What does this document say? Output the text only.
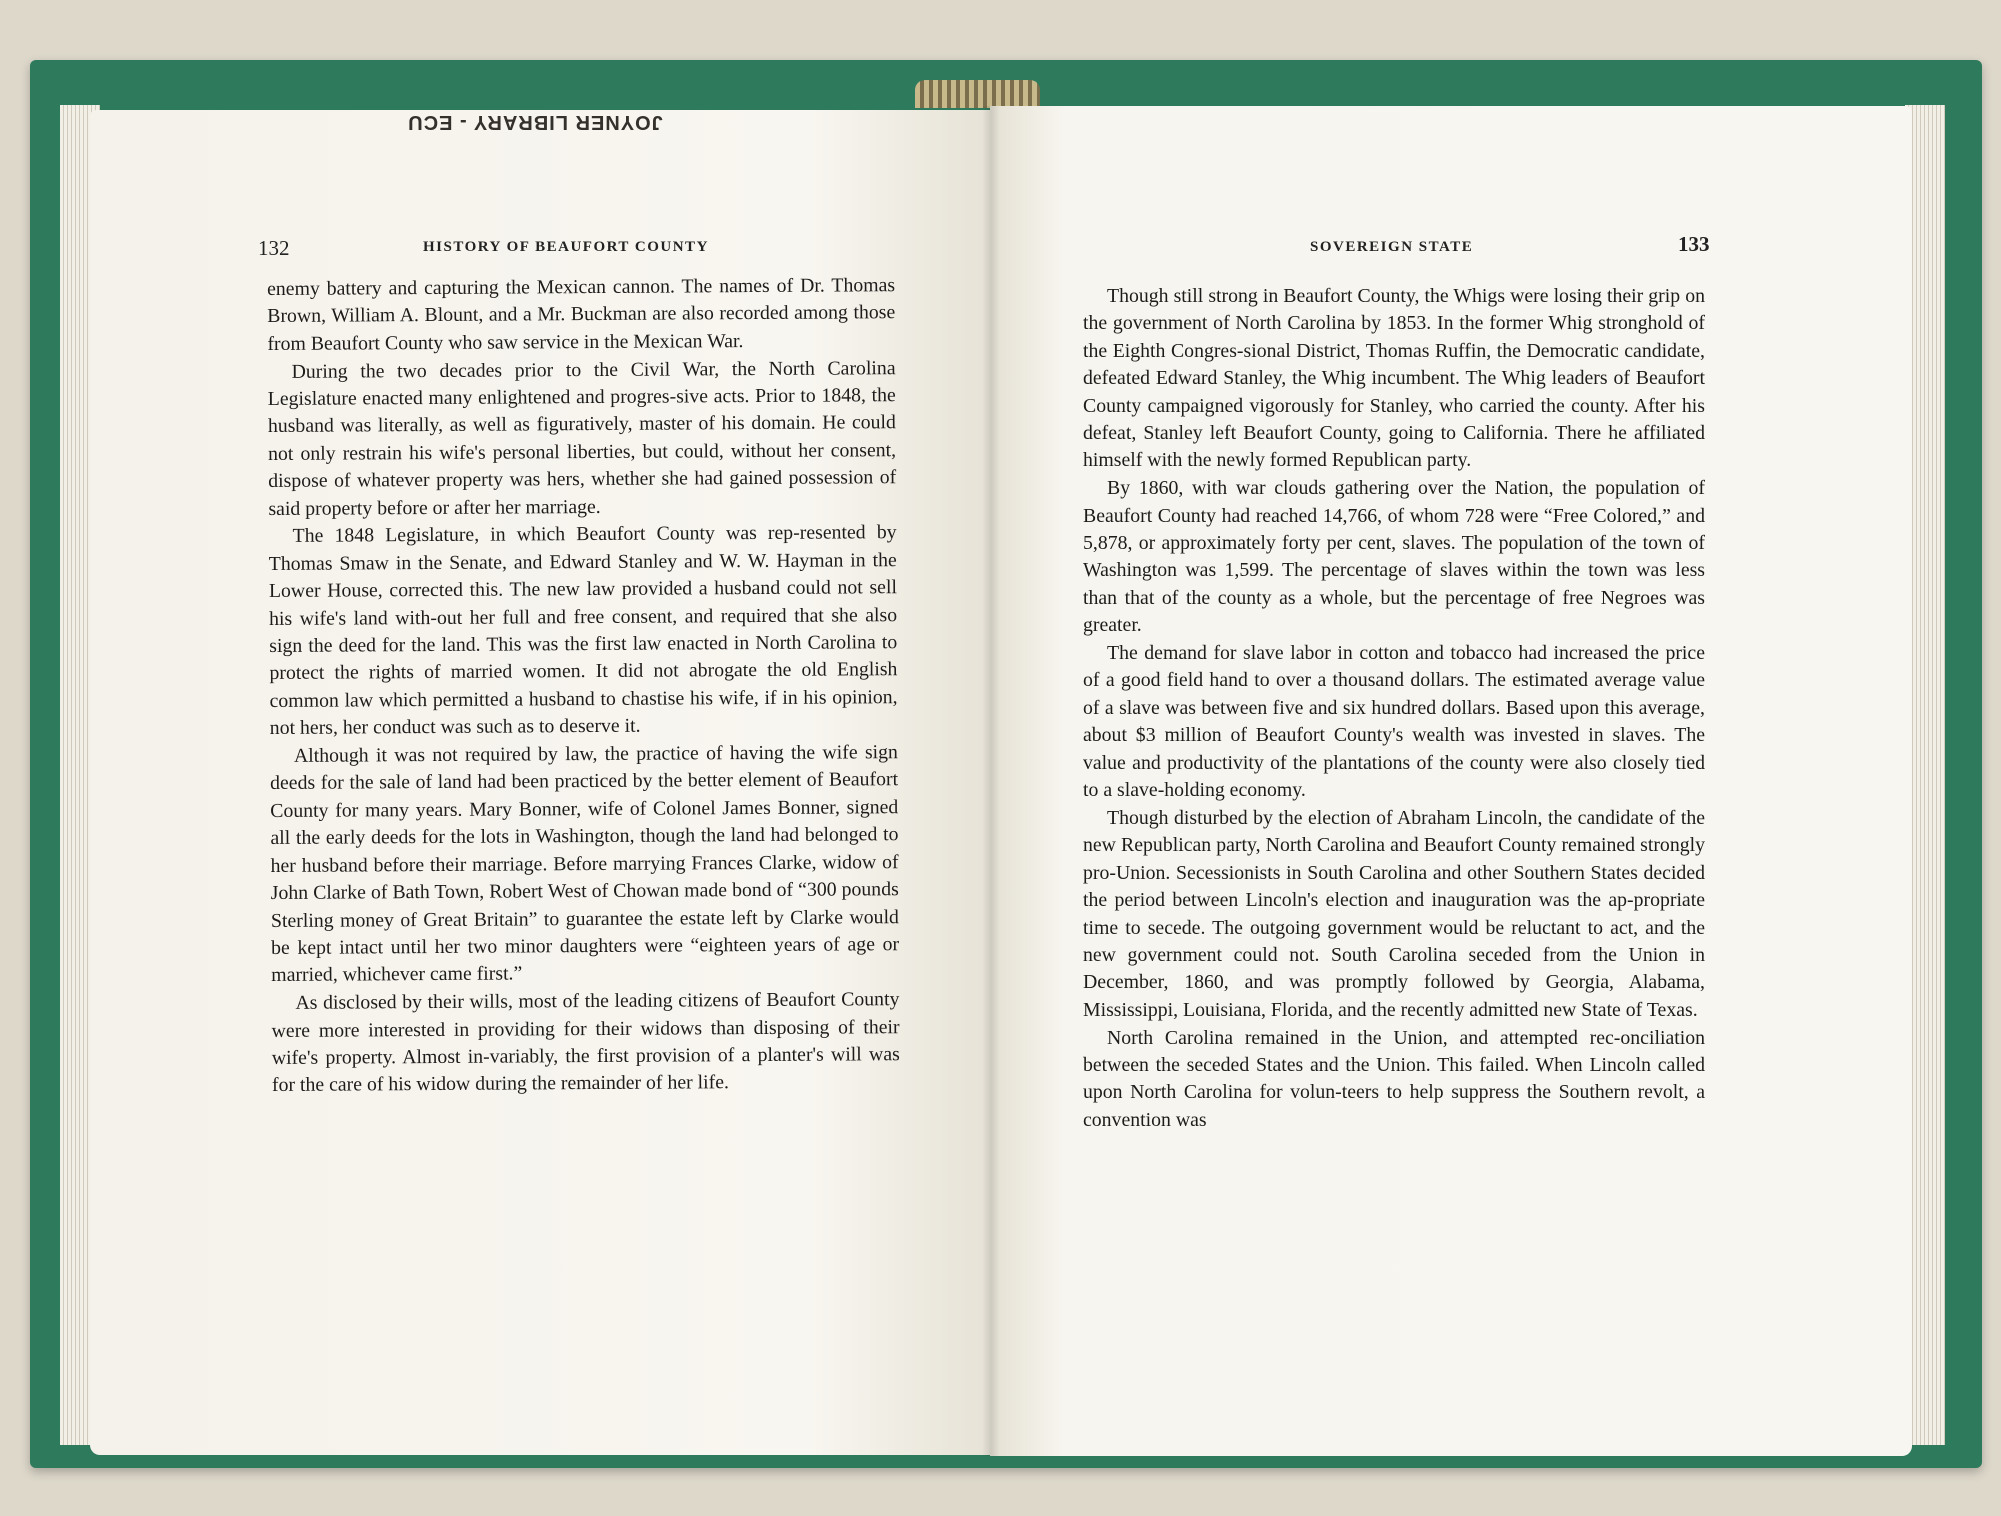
JOYNER LIBRARY - ECU
132	HISTORY OF BEAUFORT COUNTY	SOVEREIGN STATE	133

enemy battery and capturing the Mexican cannon. The names of Dr. Thomas Brown, William A. Blount, and a Mr. Buckman are also recorded among those from Beaufort County who saw service in the Mexican War.

During the two decades prior to the Civil War, the North Carolina Legislature enacted many enlightened and progres-sive acts. Prior to 1848, the husband was literally, as well as figuratively, master of his domain. He could not only restrain his wife's personal liberties, but could, without her consent, dispose of whatever property was hers, whether she had gained possession of said property before or after her marriage.

The 1848 Legislature, in which Beaufort County was rep-resented by Thomas Smaw in the Senate, and Edward Stanley and W. W. Hayman in the Lower House, corrected this. The new law provided a husband could not sell his wife's land with-out her full and free consent, and required that she also sign the deed for the land. This was the first law enacted in North Carolina to protect the rights of married women. It did not abrogate the old English common law which permitted a husband to chastise his wife, if in his opinion, not hers, her conduct was such as to deserve it.

Although it was not required by law, the practice of having the wife sign deeds for the sale of land had been practiced by the better element of Beaufort County for many years. Mary Bonner, wife of Colonel James Bonner, signed all the early deeds for the lots in Washington, though the land had belonged to her husband before their marriage. Before marrying Frances Clarke, widow of John Clarke of Bath Town, Robert West of Chowan made bond of “300 pounds Sterling money of Great Britain” to guarantee the estate left by Clarke would be kept intact until her two minor daughters were “eighteen years of age or married, whichever came first.”

As disclosed by their wills, most of the leading citizens of Beaufort County were more interested in providing for their widows than disposing of their wife's property. Almost in-variably, the first provision of a planter's will was for the care of his widow during the remainder of her life.

Though still strong in Beaufort County, the Whigs were losing their grip on the government of North Carolina by 1853. In the former Whig stronghold of the Eighth Congres-sional District, Thomas Ruffin, the Democratic candidate, defeated Edward Stanley, the Whig incumbent. The Whig leaders of Beaufort County campaigned vigorously for Stanley, who carried the county. After his defeat, Stanley left Beaufort County, going to California. There he affiliated himself with the newly formed Republican party.

By 1860, with war clouds gathering over the Nation, the population of Beaufort County had reached 14,766, of whom 728 were “Free Colored,” and 5,878, or approximately forty per cent, slaves. The population of the town of Washington was 1,599. The percentage of slaves within the town was less than that of the county as a whole, but the percentage of free Negroes was greater.

The demand for slave labor in cotton and tobacco had increased the price of a good field hand to over a thousand dollars. The estimated average value of a slave was between five and six hundred dollars. Based upon this average, about $3 million of Beaufort County's wealth was invested in slaves. The value and productivity of the plantations of the county were also closely tied to a slave-holding economy.

Though disturbed by the election of Abraham Lincoln, the candidate of the new Republican party, North Carolina and Beaufort County remained strongly pro-Union. Secessionists in South Carolina and other Southern States decided the period between Lincoln's election and inauguration was the ap-propriate time to secede. The outgoing government would be reluctant to act, and the new government could not. South Carolina seceded from the Union in December, 1860, and was promptly followed by Georgia, Alabama, Mississippi, Louisiana, Florida, and the recently admitted new State of Texas.

North Carolina remained in the Union, and attempted rec-onciliation between the seceded States and the Union. This failed. When Lincoln called upon North Carolina for volun-teers to help suppress the Southern revolt, a convention was
